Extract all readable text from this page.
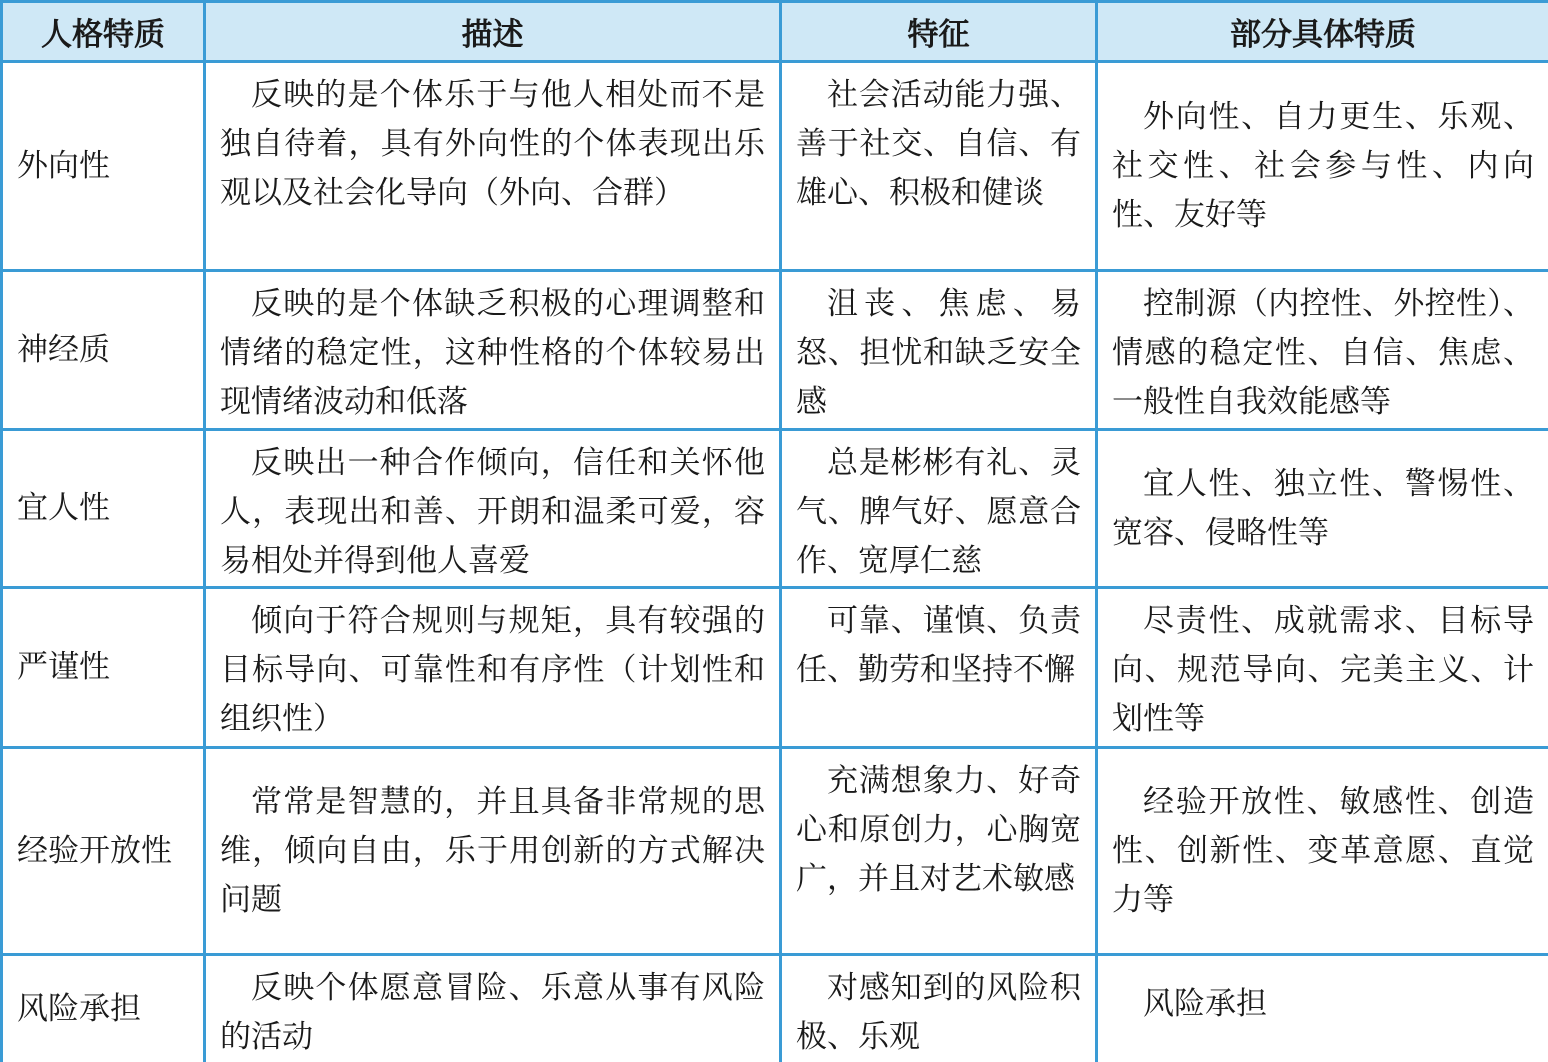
人格特质	描述	特征	部分具体特质
外向性	反映的是个体乐于与他人相处而不是独自待着，具有外向性的个体表现出乐观以及社会化导向（外向、合群）	社会活动能力强、善于社交、自信、有雄心、积极和健谈	外向性、自力更生、乐观、社交性、社会参与性、内向性、友好等
神经质	反映的是个体缺乏积极的心理调整和情绪的稳定性，这种性格的个体较易出现情绪波动和低落	沮丧、焦虑、易怒、担忧和缺乏安全感	控制源（内控性、外控性）、情感的稳定性、自信、焦虑、一般性自我效能感等
宜人性	反映出一种合作倾向，信任和关怀他人，表现出和善、开朗和温柔可爱，容易相处并得到他人喜爱	总是彬彬有礼、灵气、脾气好、愿意合作、宽厚仁慈	宜人性、独立性、警惕性、宽容、侵略性等
严谨性	倾向于符合规则与规矩，具有较强的目标导向、可靠性和有序性（计划性和组织性）	可靠、谨慎、负责任、勤劳和坚持不懈	尽责性、成就需求、目标导向、规范导向、完美主义、计划性等
经验开放性	常常是智慧的，并且具备非常规的思维，倾向自由，乐于用创新的方式解决问题	充满想象力、好奇心和原创力，心胸宽广，并且对艺术敏感	经验开放性、敏感性、创造性、创新性、变革意愿、直觉力等
风险承担	反映个体愿意冒险、乐意从事有风险的活动	对感知到的风险积极、乐观	风险承担
